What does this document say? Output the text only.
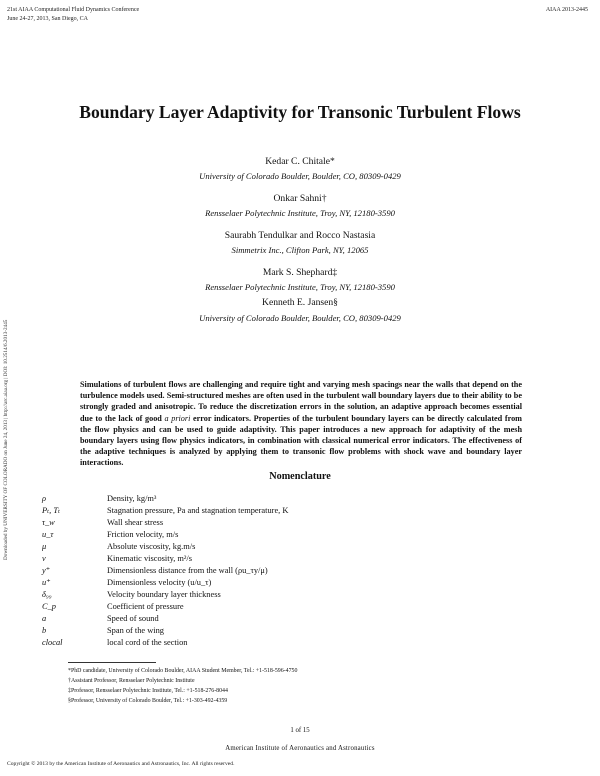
21st AIAA Computational Fluid Dynamics Conference
June 24-27, 2013, San Diego, CA
AIAA 2013-2445
Downloaded by UNIVERSITY OF COLORADO on June 24, 2013 | http://arc.aiaa.org | DOI: 10.2514/6.2013-2445
Boundary Layer Adaptivity for Transonic Turbulent Flows
Kedar C. Chitale*
University of Colorado Boulder, Boulder, CO, 80309-0429
Onkar Sahni†
Rensselaer Polytechnic Institute, Troy, NY, 12180-3590
Saurabh Tendulkar and Rocco Nastasia
Simmetrix Inc., Clifton Park, NY, 12065
Mark S. Shephard‡
Rensselaer Polytechnic Institute, Troy, NY, 12180-3590
Kenneth E. Jansen§
University of Colorado Boulder, Boulder, CO, 80309-0429

Simulations of turbulent flows are challenging and require tight and varying mesh spacings near the walls that depend on the turbulence models used. Semi-structured meshes are often used in the turbulent wall boundary layers due to their ability to be strongly graded and anisotropic. To reduce the discretization errors in the solution, an adaptive approach becomes essential due to the lack of good a priori error indicators. Properties of the turbulent boundary layers can be directly calculated from the flow physics and can be used to guide adaptivity. This paper introduces a new approach for adaptivity of the mesh boundary layers using flow physics indicators, in combination with classical numerical error indicators. The effectiveness of the adaptive techniques is analyzed by applying them to transonic flow problems with shock wave and boundary layer interactions.

Nomenclature
ρ	Density, kg/m³
Pₜ, Tₜ	Stagnation pressure, Pa and stagnation temperature, K
τ_w	Wall shear stress
u_τ	Friction velocity, m/s
μ	Absolute viscosity, kg.m/s
ν	Kinematic viscosity, m²/s
y⁺	Dimensionless distance from the wall (ρu_τy/μ)
u⁺	Dimensionless velocity (u/u_τ)
δ₉₉	Velocity boundary layer thickness
C_p	Coefficient of pressure
a	Speed of sound
b	Span of the wing
clocal	local cord of the section
*PhD candidate, University of Colorado Boulder, AIAA Student Member, Tel.: +1-518-596-4750
†Assistant Professor, Rensselaer Polytechnic Institute
‡Professor, Rensselaer Polytechnic Institute, Tel.: +1-518-276-8044
§Professor, University of Colorado Boulder, Tel.: +1-303-492-4359
1 of 15
American Institute of Aeronautics and Astronautics
Copyright © 2013 by the American Institute of Aeronautics and Astronautics, Inc. All rights reserved.
